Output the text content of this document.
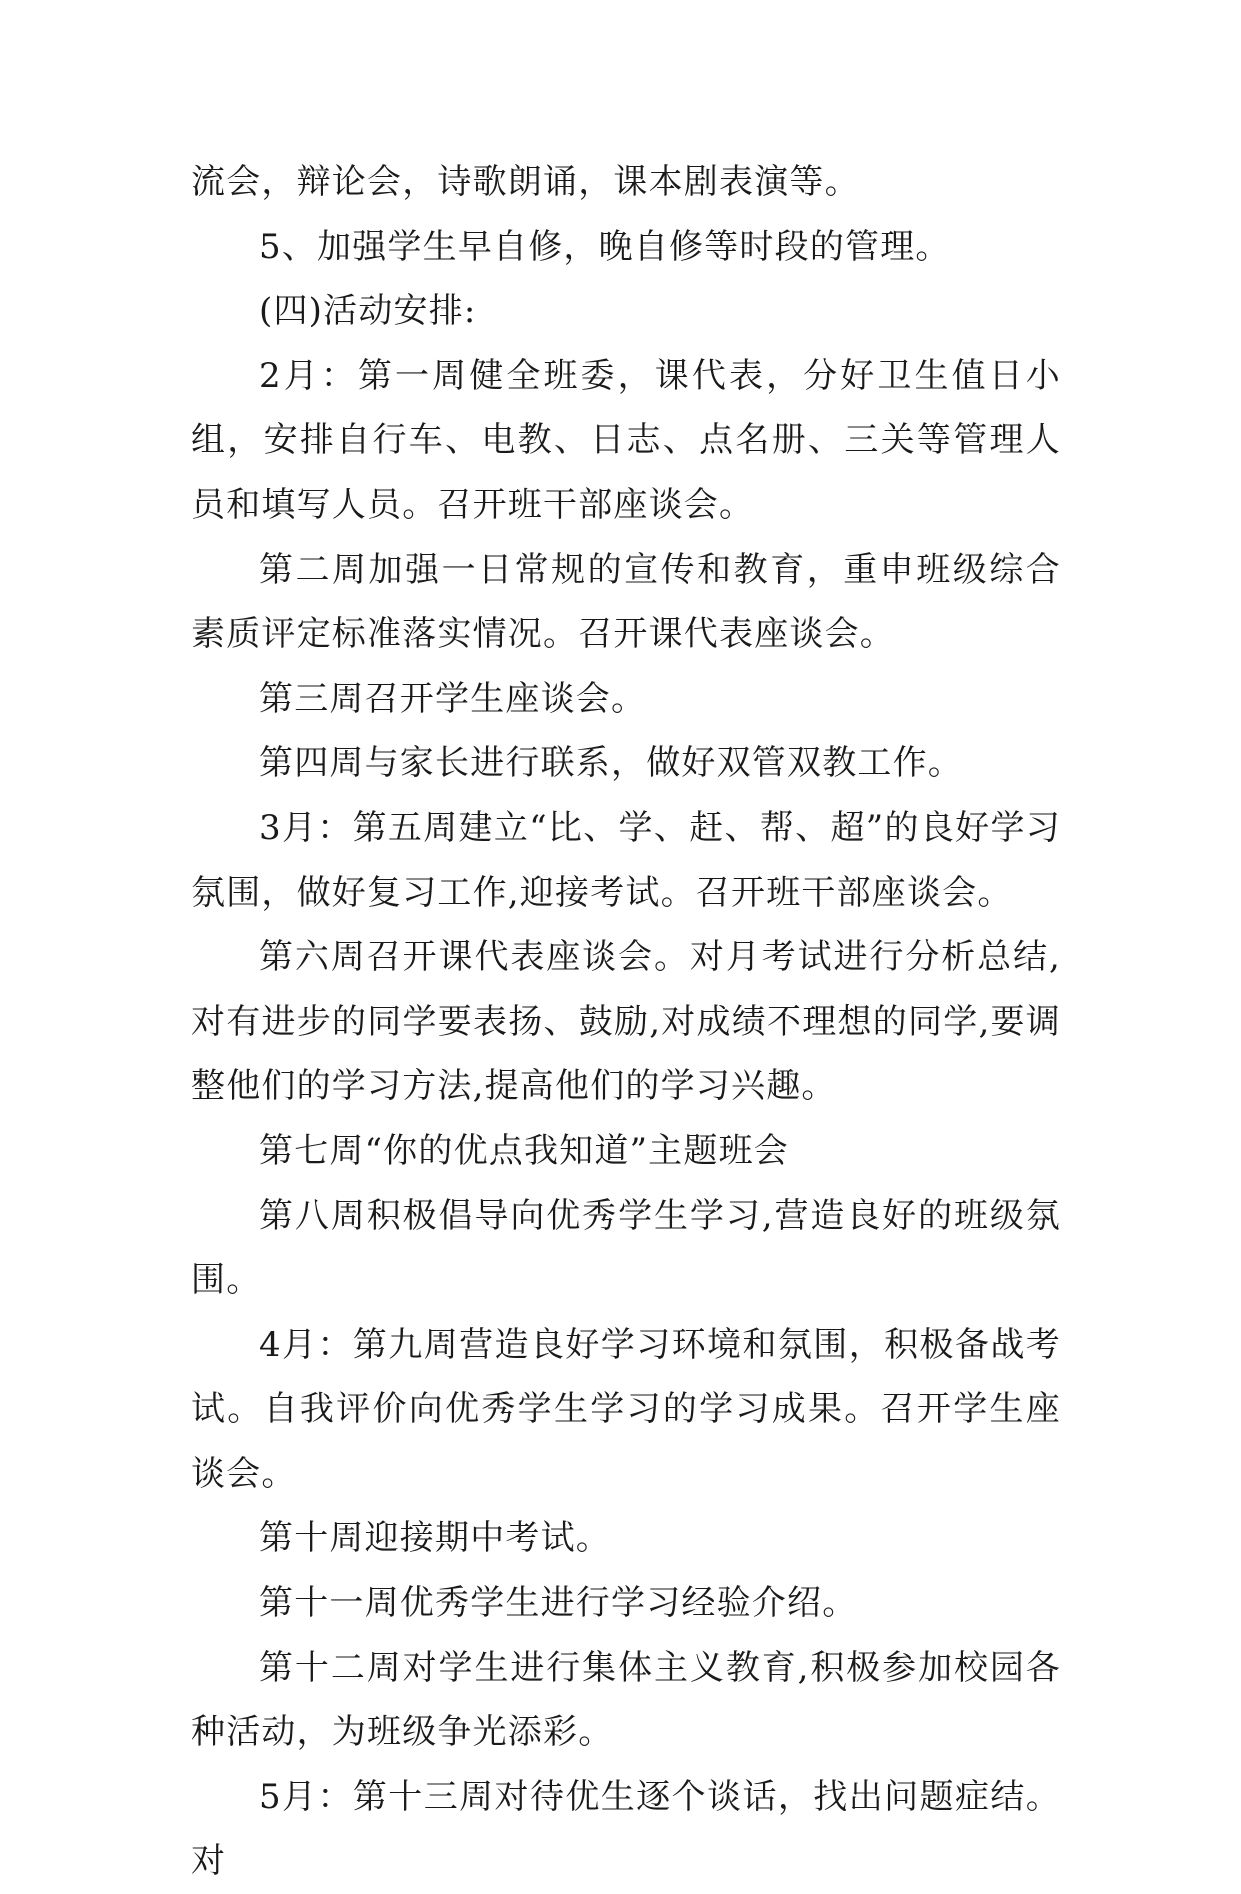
流会，辩论会，诗歌朗诵，课本剧表演等。

5、加强学生早自修，晚自修等时段的管理。

(四)活动安排:

2月：第一周健全班委，课代表，分好卫生值日小组，安排自行车、电教、日志、点名册、三关等管理人员和填写人员。召开班干部座谈会。

第二周加强一日常规的宣传和教育，重申班级综合素质评定标准落实情况。召开课代表座谈会。

第三周召开学生座谈会。

第四周与家长进行联系，做好双管双教工作。

3月：第五周建立“比、学、赶、帮、超”的良好学习氛围，做好复习工作,迎接考试。召开班干部座谈会。

第六周召开课代表座谈会。对月考试进行分析总结,对有进步的同学要表扬、鼓励,对成绩不理想的同学,要调整他们的学习方法,提高他们的学习兴趣。

第七周“你的优点我知道”主题班会

第八周积极倡导向优秀学生学习,营造良好的班级氛围。

4月：第九周营造良好学习环境和氛围，积极备战考试。自我评价向优秀学生学习的学习成果。召开学生座谈会。

第十周迎接期中考试。

第十一周优秀学生进行学习经验介绍。

第十二周对学生进行集体主义教育,积极参加校园各种活动，为班级争光添彩。

5月：第十三周对待优生逐个谈话，找出问题症结。对
